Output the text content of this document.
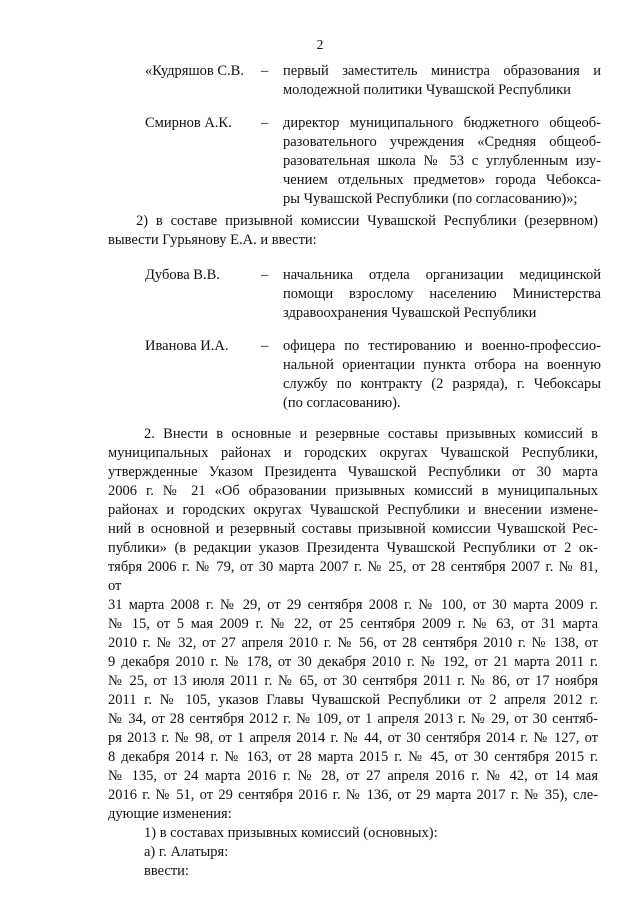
2
«Кудряшов С.В. – первый заместитель министра образования и
молодежной политики Чувашской Республики
Смирнов А.К. – директор муниципального бюджетного общеоб-
разовательного учреждения «Средняя общеоб-
разовательная школа № 53 с углубленным изу-
чением отдельных предметов» города Чебокса-
ры Чувашской Республики (по согласованию)»;
2) в составе призывной комиссии Чувашской Республики (резервном)
вывести Гурьянову Е.А. и ввести:
Дубова В.В.	– начальника отдела организации медицинской
помощи взрослому населению Министерства
здравоохранения Чувашской Республики
Иванова И.А. – офицера по тестированию и военно-профессио-
нальной ориентации пункта отбора на военную
службу по контракту (2 разряда), г. Чебоксары
(по согласованию).
2. Внести в основные и резервные составы призывных комиссий в
муниципальных районах и городских округах Чувашской Республики,
утвержденные Указом Президента Чувашской Республики от 30 марта
2006 г. № 21 «Об образовании призывных комиссий в муниципальных
районах и городских округах Чувашской Республики и внесении измене-
ний в основной и резервный составы призывной комиссии Чувашской Рес-
публики» (в редакции указов Президента Чувашской Республики от 2 ок-
тября 2006 г. № 79, от 30 марта 2007 г. № 25, от 28 сентября 2007 г. № 81,
от
31 марта 2008 г. № 29, от 29 сентября 2008 г. № 100, от 30 марта 2009 г.
№ 15, от 5 мая 2009 г. № 22, от 25 сентября 2009 г. № 63, от 31 марта
2010 г. № 32, от 27 апреля 2010 г. № 56, от 28 сентября 2010 г. № 138, от
9 декабря 2010 г. № 178, от 30 декабря 2010 г. № 192, от 21 марта 2011 г.
№ 25, от 13 июля 2011 г. № 65, от 30 сентября 2011 г. № 86, от 17 ноября
2011 г. № 105, указов Главы Чувашской Республики от 2 апреля 2012 г.
№ 34, от 28 сентября 2012 г. № 109, от 1 апреля 2013 г. № 29, от 30 сентяб-
ря 2013 г. № 98, от 1 апреля 2014 г. № 44, от 30 сентября 2014 г. № 127, от
8 декабря 2014 г. № 163, от 28 марта 2015 г. № 45, от 30 сентября 2015 г.
№ 135, от 24 марта 2016 г. № 28, от 27 апреля 2016 г. № 42, от 14 мая
2016 г. № 51, от 29 сентября 2016 г. № 136, от 29 марта 2017 г. № 35), сле-
дующие изменения:
1) в составах призывных комиссий (основных):
а) г. Алатыря:
ввести:
